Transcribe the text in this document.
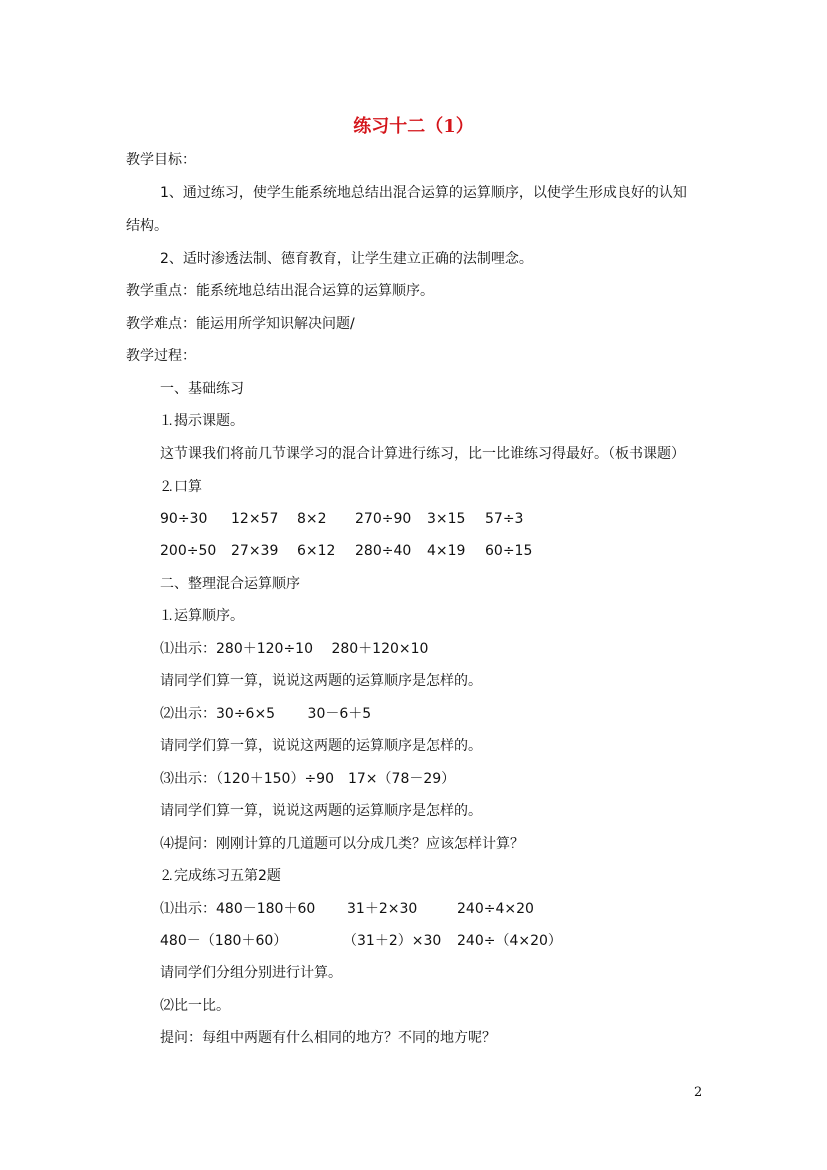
练习十二（1）
教学目标：
1、通过练习，使学生能系统地总结出混合运算的运算顺序，以使学生形成良好的认知
结构。
2、适时渗透法制、德育教育，让学生建立正确的法制哩念。
教学重点：能系统地总结出混合运算的运算顺序。
教学难点：能运用所学知识解决问题/
教学过程：
一、基础练习
⒈揭示课题。
这节课我们将前几节课学习的混合计算进行练习，比一比谁练习得最好。（板书课题）
⒉口算
90÷30 12×57 8×2 270÷90 3×15 57÷3
200÷50 27×39 6×12 280÷40 4×19 60÷15
二、整理混合运算顺序
⒈运算顺序。
⑴出示：280＋120÷10　 280＋120×10
请同学们算一算，说说这两题的运算顺序是怎样的。
⑵出示：30÷6×5　　 30－6＋5
请同学们算一算，说说这两题的运算顺序是怎样的。
⑶出示：（120＋150）÷90　17×（78－29）
请同学们算一算，说说这两题的运算顺序是怎样的。
⑷提问：刚刚计算的几道题可以分成几类？应该怎样计算？
⒉完成练习五第2题
⑴出示：480－180＋60 31＋2×30	240÷4×20
480－（180＋60）	（31＋2）×30 240÷（4×20）
请同学们分组分别进行计算。
⑵比一比。
提问：每组中两题有什么相同的地方？不同的地方呢？
2
